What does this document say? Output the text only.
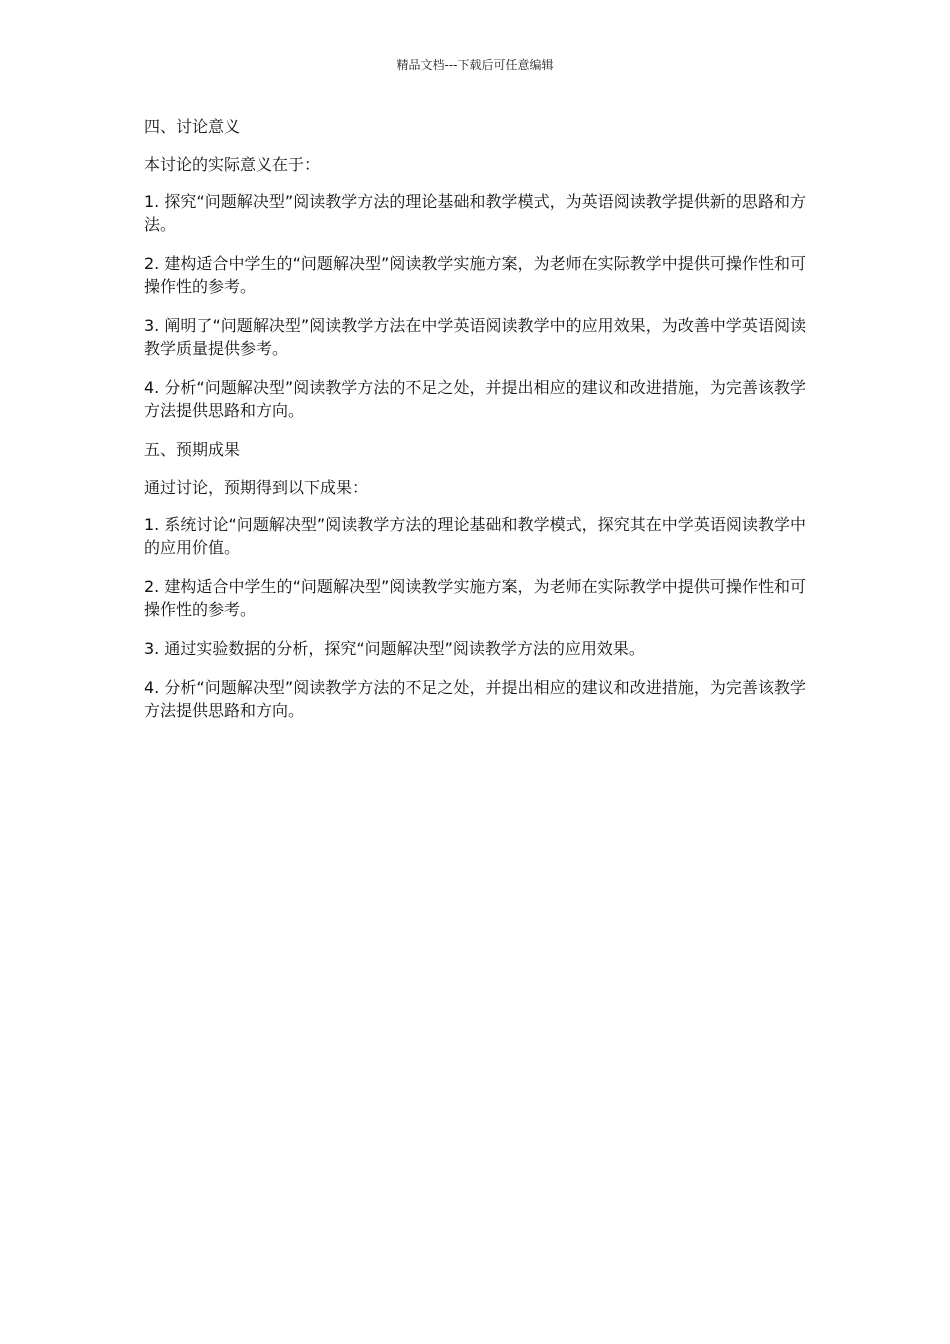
精品文档---下载后可任意编辑
四、讨论意义
本讨论的实际意义在于：
1. 探究“问题解决型”阅读教学方法的理论基础和教学模式，为英语阅读教学提供新的思路和方法。
2. 建构适合中学生的“问题解决型”阅读教学实施方案，为老师在实际教学中提供可操作性和可操作性的参考。
3. 阐明了“问题解决型”阅读教学方法在中学英语阅读教学中的应用效果，为改善中学英语阅读教学质量提供参考。
4. 分析“问题解决型”阅读教学方法的不足之处，并提出相应的建议和改进措施，为完善该教学方法提供思路和方向。
五、预期成果
通过讨论，预期得到以下成果：
1. 系统讨论“问题解决型”阅读教学方法的理论基础和教学模式，探究其在中学英语阅读教学中的应用价值。
2. 建构适合中学生的“问题解决型”阅读教学实施方案，为老师在实际教学中提供可操作性和可操作性的参考。
3. 通过实验数据的分析，探究“问题解决型”阅读教学方法的应用效果。
4. 分析“问题解决型”阅读教学方法的不足之处，并提出相应的建议和改进措施，为完善该教学方法提供思路和方向。
